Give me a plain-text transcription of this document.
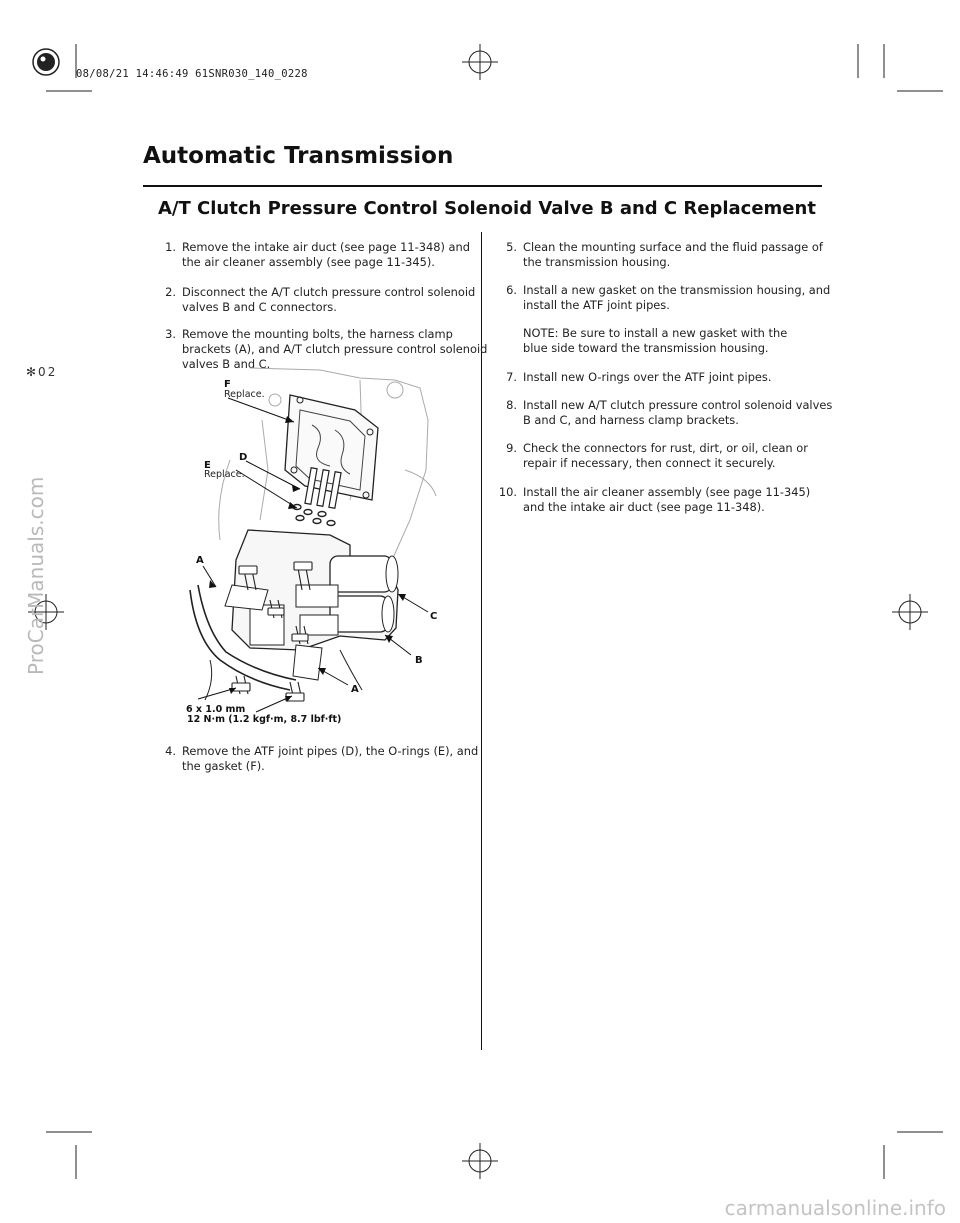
08/08/21 14:46:49 61SNR030_140_0228
Automatic Transmission
A/T Clutch Pressure Control Solenoid Valve B and C Replacement
✻02
1. Remove the intake air duct (see page 11-348) and the air cleaner assembly (see page 11-345).
2. Disconnect the A/T clutch pressure control solenoid valves B and C connectors.
3. Remove the mounting bolts, the harness clamp brackets (A), and A/T clutch pressure control solenoid valves B and C.
4. Remove the ATF joint pipes (D), the O-rings (E), and the gasket (F).
5. Clean the mounting surface and the fluid passage of the transmission housing.
6. Install a new gasket on the transmission housing, and install the ATF joint pipes.
NOTE: Be sure to install a new gasket with the blue side toward the transmission housing.
7. Install new O-rings over the ATF joint pipes.
8. Install new A/T clutch pressure control solenoid valves B and C, and harness clamp brackets.
9. Check the connectors for rust, dirt, or oil, clean or repair if necessary, then connect it securely.
10. Install the air cleaner assembly (see page 11-345) and the intake air duct (see page 11-348).
F
Replace.
D
E
Replace.
A
C
B
A
6 x 1.0 mm
12 N·m (1.2 kgf·m, 8.7 lbf·ft)
ProCarManuals.com
carmanualsonline.info
